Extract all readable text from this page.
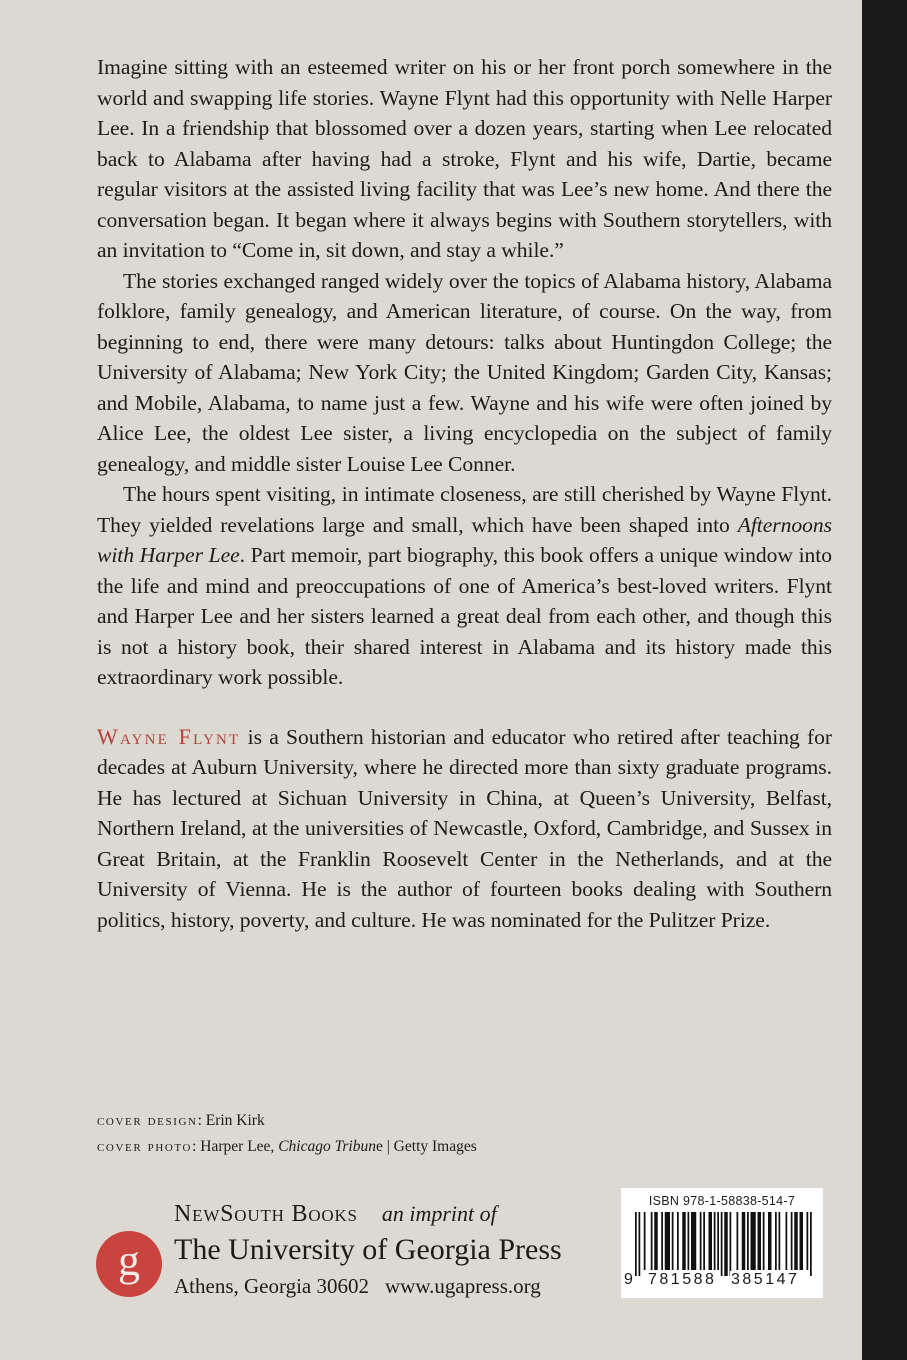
Imagine sitting with an esteemed writer on his or her front porch somewhere in the world and swapping life stories. Wayne Flynt had this opportunity with Nelle Harper Lee. In a friendship that blossomed over a dozen years, starting when Lee relocated back to Alabama after having had a stroke, Flynt and his wife, Dartie, became regular visitors at the assisted living facility that was Lee’s new home. And there the conversation began. It began where it always begins with Southern storytellers, with an invitation to “Come in, sit down, and stay a while.”

The stories exchanged ranged widely over the topics of Alabama history, Alabama folklore, family genealogy, and American literature, of course. On the way, from beginning to end, there were many detours: talks about Huntingdon College; the University of Alabama; New York City; the United Kingdom; Garden City, Kansas; and Mobile, Alabama, to name just a few. Wayne and his wife were often joined by Alice Lee, the oldest Lee sister, a living encyclopedia on the subject of family genealogy, and middle sister Louise Lee Conner.

The hours spent visiting, in intimate closeness, are still cherished by Wayne Flynt. They yielded revelations large and small, which have been shaped into Afternoons with Harper Lee. Part memoir, part biography, this book offers a unique window into the life and mind and preoccupations of one of America’s best-loved writers. Flynt and Harper Lee and her sisters learned a great deal from each other, and though this is not a history book, their shared interest in Alabama and its history made this extraordinary work possible.

Wayne Flynt is a Southern historian and educator who retired after teaching for decades at Auburn University, where he directed more than sixty graduate programs. He has lectured at Sichuan University in China, at Queen’s University, Belfast, Northern Ireland, at the universities of Newcastle, Oxford, Cambridge, and Sussex in Great Britain, at the Franklin Roosevelt Center in the Netherlands, and at the University of Vienna. He is the author of fourteen books dealing with Southern politics, history, poverty, and culture. He was nominated for the Pulitzer Prize.

cover design: Erin Kirk

cover photo: Harper Lee, Chicago Tribune | Getty Images

g
NewSouth Books an imprint of
The University of Georgia Press
Athens, Georgia 30602 www.ugapress.org
ISBN 978-1-58838-514-7
9 781588 385147
